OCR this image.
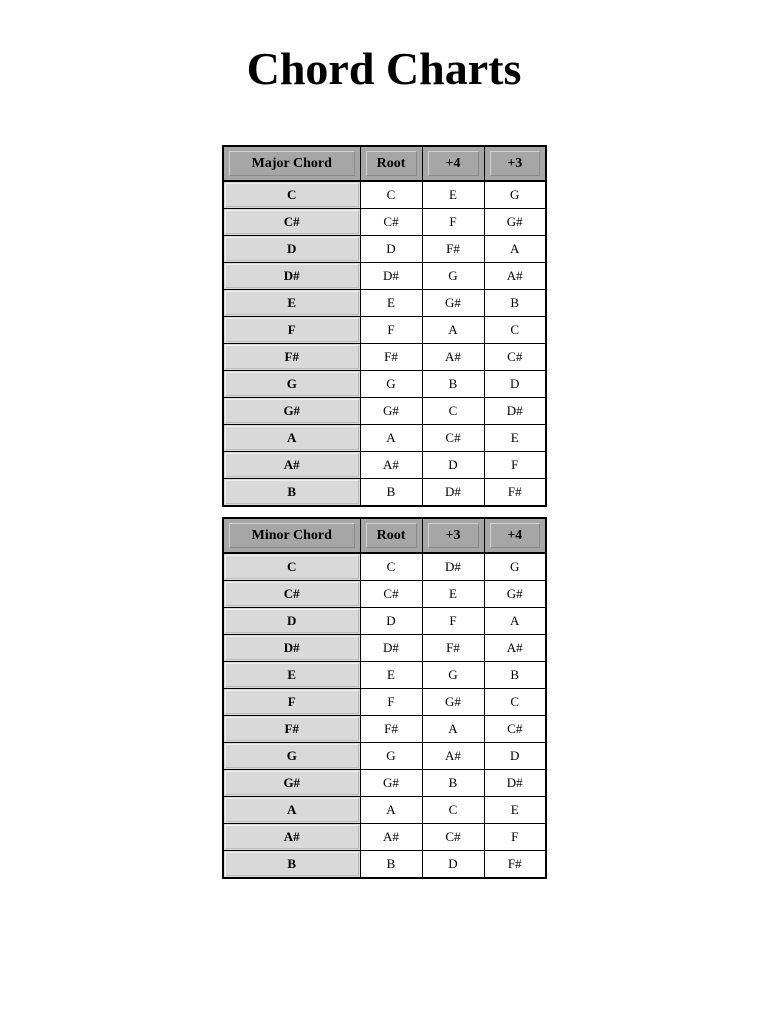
Chord Charts
Major Chord	Root	+4	+3

C	C	E	G

C#	C#	F	G#

D	D	F#	A

D#	D#	G	A#

E	E	G#	B

F	F	A	C

F#	F#	A#	C#

G	G	B	D

G#	G#	C	D#

A	A	C#	E

A#	A#	D	F

B	B	D#	F#
Minor Chord	Root	+3	+4

C	C	D#	G

C#	C#	E	G#

D	D	F	A

D#	D#	F#	A#

E	E	G	B

F	F	G#	C

F#	F#	A	C#

G	G	A#	D

G#	G#	B	D#

A	A	C	E

A#	A#	C#	F

B	B	D	F#
